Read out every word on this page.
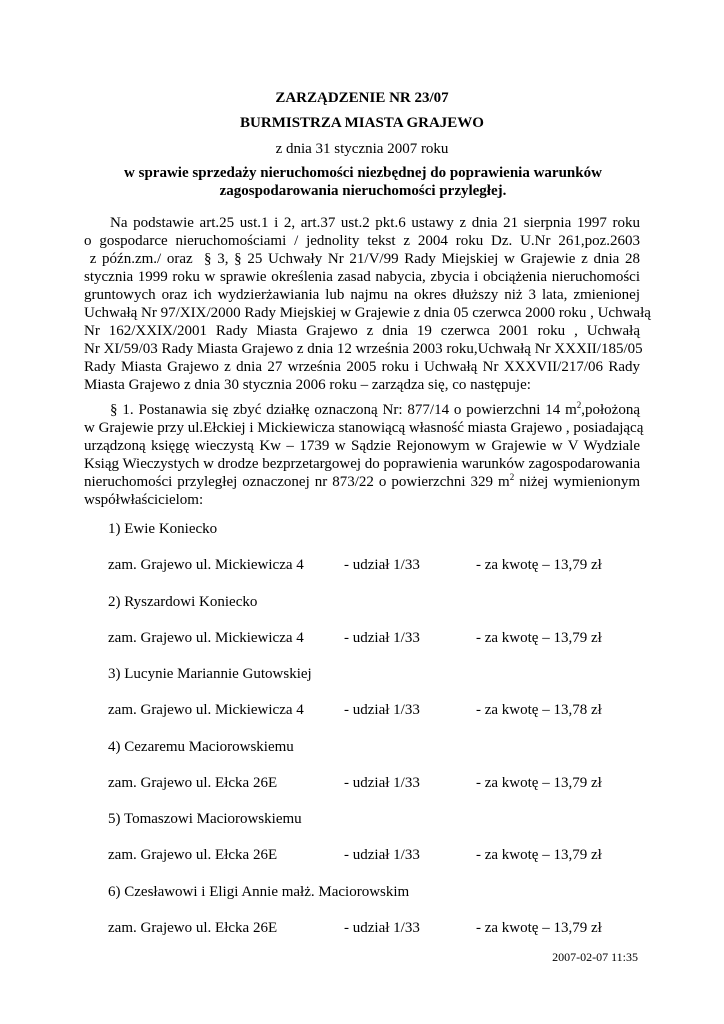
ZARZĄDZENIE NR 23/07
BURMISTRZA MIASTA GRAJEWO
z dnia 31 stycznia 2007 roku
w sprawie sprzedaży nieruchomości niezbędnej do poprawienia warunków
zagospodarowania nieruchomości przyległej.
Na podstawie art.25 ust.1 i 2, art.37 ust.2 pkt.6 ustawy z dnia 21 sierpnia 1997 roku
o gospodarce nieruchomościami / jednolity tekst z 2004 roku Dz. U.Nr 261,poz.2603
z późn.zm./ oraz  § 3, § 25 Uchwały Nr 21/V/99 Rady Miejskiej w Grajewie z dnia 28
stycznia 1999 roku w sprawie określenia zasad nabycia, zbycia i obciążenia nieruchomości
gruntowych oraz ich wydzierżawiania lub najmu na okres dłuższy niż 3 lata, zmienionej
Uchwałą Nr 97/XIX/2000 Rady Miejskiej w Grajewie z dnia 05 czerwca 2000 roku , Uchwałą
Nr 162/XXIX/2001 Rady Miasta Grajewo z dnia 19 czerwca 2001 roku , Uchwałą
Nr XI/59/03 Rady Miasta Grajewo z dnia 12 września 2003 roku,Uchwałą Nr XXXII/185/05
Rady Miasta Grajewo z dnia 27 września 2005 roku i Uchwałą Nr XXXVII/217/06 Rady
Miasta Grajewo z dnia 30 stycznia 2006 roku – zarządza się, co następuje:
§ 1. Postanawia się zbyć działkę oznaczoną Nr: 877/14 o powierzchni 14 $m^2,położoną$
w Grajewie przy ul.Ełckiej i Mickiewicza stanowiącą własność miasta Grajewo , posiadającą
urządzoną księgę wieczystą Kw – 1739 w Sądzie Rejonowym w Grajewie w V Wydziale
Ksiąg Wieczystych w drodze bezprzetargowej do poprawienia warunków zagospodarowania
nieruchomości przyległej oznaczonej nr 873/22 o powierzchni 329 $m^2$ niżej wymienionym
współwłaścicielom:
1) Ewie Koniecko
zam. Grajewo ul. Mickiewicza 4	- udział 1/33	- za kwotę – 13,79 zł
2) Ryszardowi Koniecko
zam. Grajewo ul. Mickiewicza 4	- udział 1/33	- za kwotę – 13,79 zł
3) Lucynie Mariannie Gutowskiej
zam. Grajewo ul. Mickiewicza 4	- udział 1/33	- za kwotę – 13,78 zł
4) Cezaremu Maciorowskiemu
zam. Grajewo ul. Ełcka 26E	- udział 1/33	- za kwotę – 13,79 zł
5) Tomaszowi Maciorowskiemu
zam. Grajewo ul. Ełcka 26E	- udział 1/33	- za kwotę – 13,79 zł
6) Czesławowi i Eligi Annie małż. Maciorowskim
zam. Grajewo ul. Ełcka 26E	- udział 1/33	- za kwotę – 13,79 zł
2007-02-07 11:35
